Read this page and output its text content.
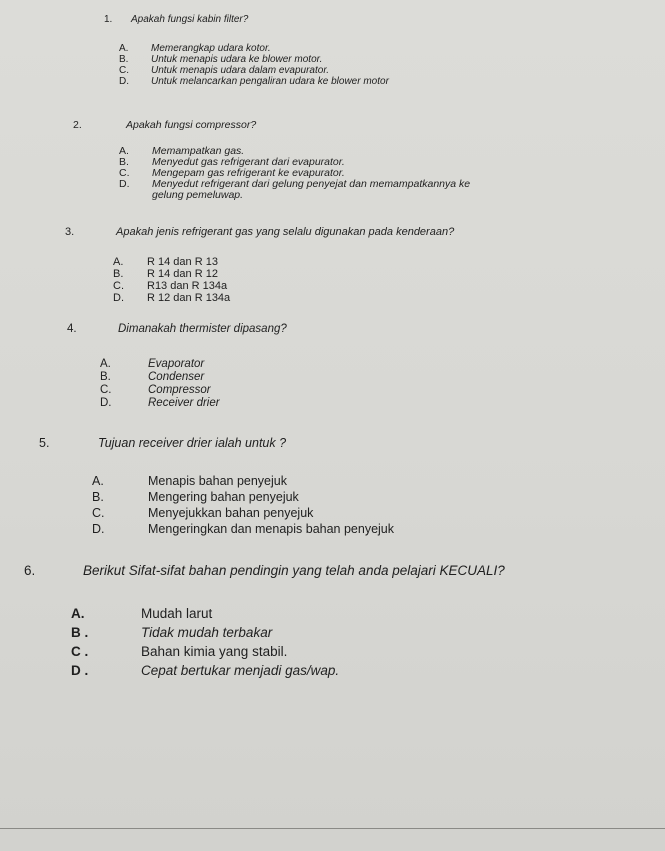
1. Apakah fungsi kabin filter?
A. Memerangkap udara kotor.
B. Untuk menapis udara ke blower motor.
C. Untuk menapis udara dalam evapurator.
D. Untuk melancarkan pengaliran udara ke blower motor
2.	Apakah fungsi compressor?
A. Memampatkan gas.
B. Menyedut gas refrigerant dari evapurator.
C. Mengepam gas refrigerant ke evapurator.
D. Menyedut refrigerant dari gelung penyejat dan memampatkannya ke
gelung pemeluwap.
3.	Apakah jenis refrigerant gas yang selalu digunakan pada kenderaan?
A. R 14 dan R 13
B. R 14 dan R 12
C. R13 dan R 134a
D. R 12 dan R 134a
4.	Dimanakah thermister dipasang?
A.	Evaporator
B.	Condenser
C.	Compressor
D.	Receiver drier
5.	Tujuan receiver drier ialah untuk ?
A.	Menapis bahan penyejuk
B.	Mengering bahan penyejuk
C.	Menyejukkan bahan penyejuk
D.	Mengeringkan dan menapis bahan penyejuk
6.	Berikut Sifat-sifat bahan pendingin yang telah anda pelajari KECUALI?
A.	Mudah larut
B .	Tidak mudah terbakar
C .	Bahan kimia yang stabil.
D .	Cepat bertukar menjadi gas/wap.
